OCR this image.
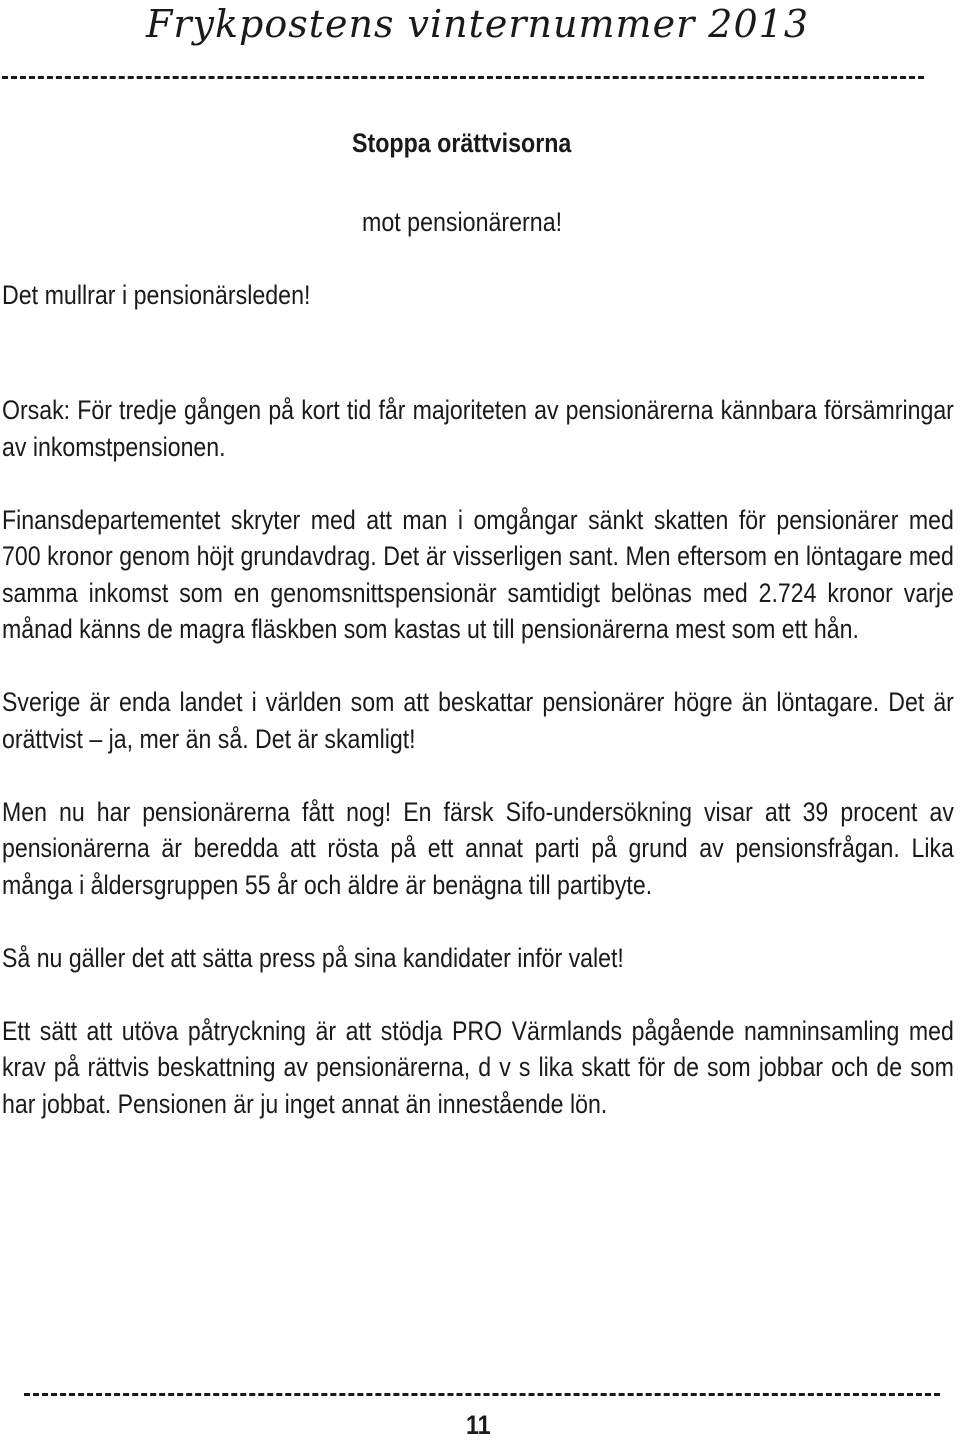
Frykpostens vinternummer 2013
Stoppa orättvisorna
mot pensionärerna!
Det mullrar i pensionärsleden!

Orsak: För tredje gången på kort tid får majoriteten av pensionärerna kännbara försämringar av inkomstpensionen.

Finansdepartementet skryter med att man i omgångar sänkt skatten för pensionärer med 700 kronor genom höjt grundavdrag. Det är visserligen sant. Men eftersom en löntagare med samma inkomst som en genomsnittspensionär samtidigt belönas med 2.724 kronor varje månad känns de magra fläskben som kastas ut till pensionärerna mest som ett hån.

Sverige är enda landet i världen som att beskattar pensionärer högre än löntagare. Det är orättvist – ja, mer än så. Det är skamligt!

Men nu har pensionärerna fått nog! En färsk Sifo-undersökning visar att 39 procent av pensionärerna är beredda att rösta på ett annat parti på grund av pensionsfrågan. Lika många i åldersgruppen 55 år och äldre är benägna till partibyte.

Så nu gäller det att sätta press på sina kandidater inför valet!

Ett sätt att utöva påtryckning är att stödja PRO Värmlands pågående namninsamling med krav på rättvis beskattning av pensionärerna, d v s lika skatt för de som jobbar och de som har jobbat. Pensionen är ju inget annat än innestående lön.

11
